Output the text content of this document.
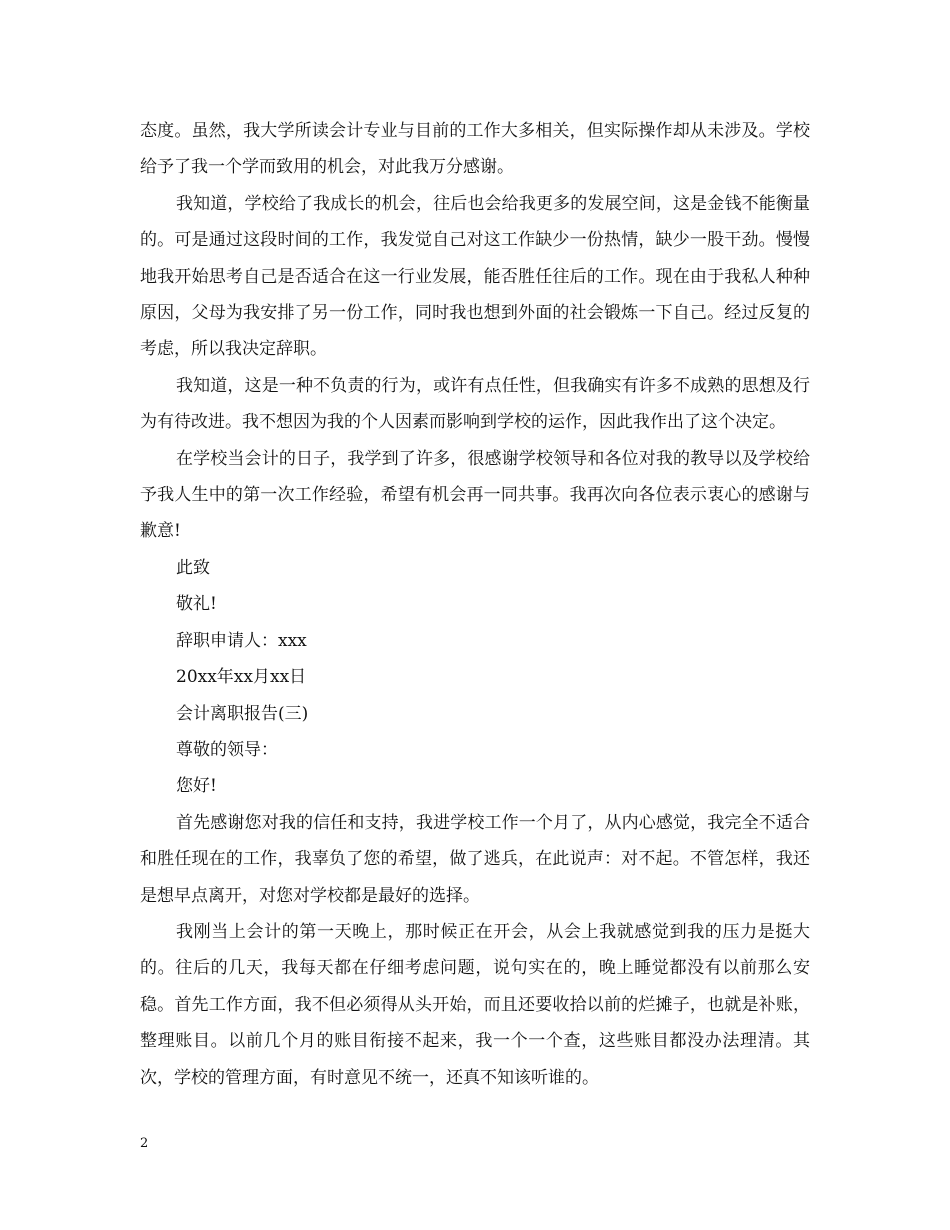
态度。虽然，我大学所读会计专业与目前的工作大多相关，但实际操作却从未涉及。学校给予了我一个学而致用的机会，对此我万分感谢。

我知道，学校给了我成长的机会，往后也会给我更多的发展空间，这是金钱不能衡量的。可是通过这段时间的工作，我发觉自己对这工作缺少一份热情，缺少一股干劲。慢慢地我开始思考自己是否适合在这一行业发展，能否胜任往后的工作。现在由于我私人种种原因，父母为我安排了另一份工作，同时我也想到外面的社会锻炼一下自己。经过反复的考虑，所以我决定辞职。

我知道，这是一种不负责的行为，或许有点任性，但我确实有许多不成熟的思想及行为有待改进。我不想因为我的个人因素而影响到学校的运作，因此我作出了这个决定。

在学校当会计的日子，我学到了许多，很感谢学校领导和各位对我的教导以及学校给予我人生中的第一次工作经验，希望有机会再一同共事。我再次向各位表示衷心的感谢与歉意!

此致

敬礼!

辞职申请人：xxx

20xx年xx月xx日

会计离职报告(三)

尊敬的领导：

您好!

首先感谢您对我的信任和支持，我进学校工作一个月了，从内心感觉，我完全不适合和胜任现在的工作，我辜负了您的希望，做了逃兵，在此说声：对不起。不管怎样，我还是想早点离开，对您对学校都是最好的选择。

我刚当上会计的第一天晚上，那时候正在开会，从会上我就感觉到我的压力是挺大的。往后的几天，我每天都在仔细考虑问题，说句实在的，晚上睡觉都没有以前那么安稳。首先工作方面，我不但必须得从头开始，而且还要收拾以前的烂摊子，也就是补账，整理账目。以前几个月的账目衔接不起来，我一个一个查，这些账目都没办法理清。其次，学校的管理方面，有时意见不统一，还真不知该听谁的。

2
